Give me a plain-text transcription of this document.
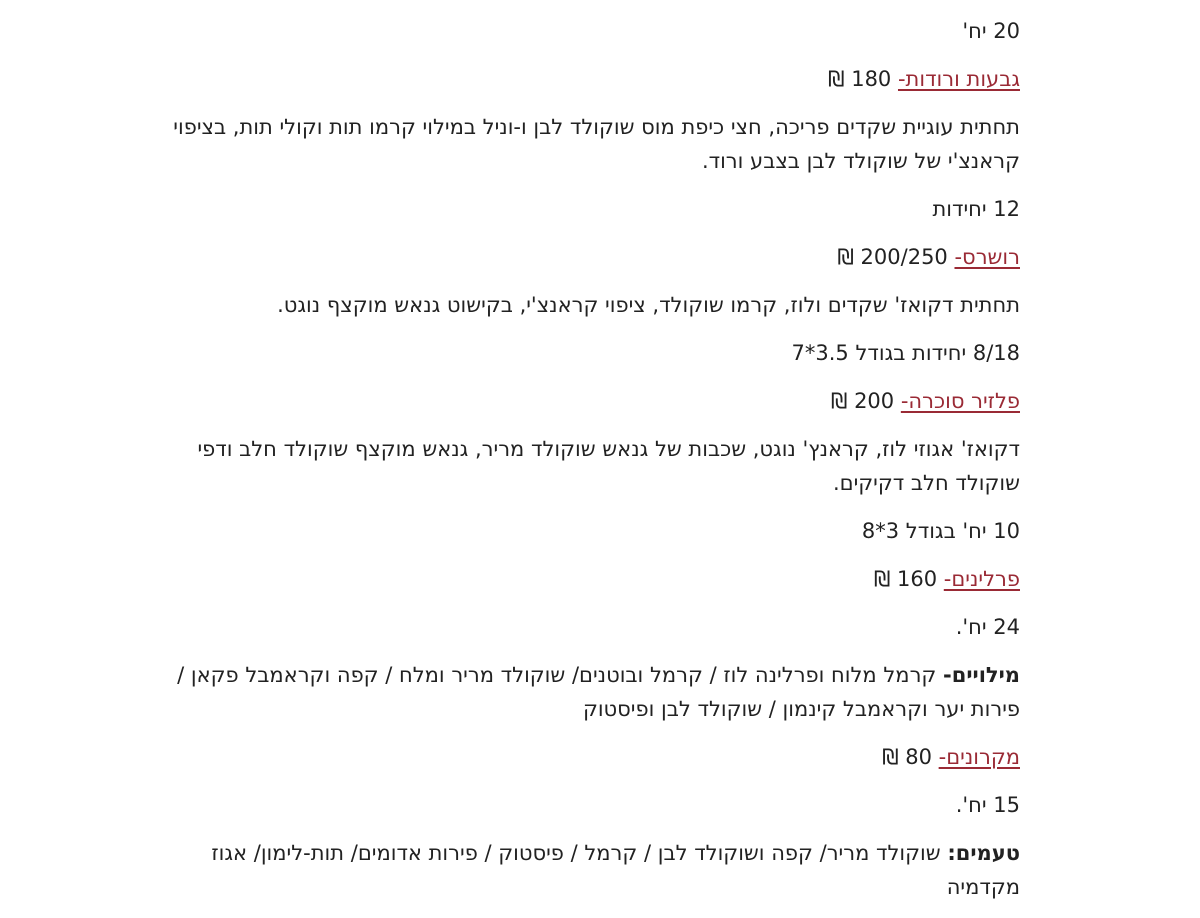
20 יח'

גבעות ורודות- 180 ₪

תחתית עוגיית שקדים פריכה, חצי כיפת מוס שוקולד לבן ו-וניל במילוי קרמו תות וקולי תות, בציפוי קראנצ'י של שוקולד לבן בצבע ורוד.

12 יחידות

רושרס- 200/250 ₪

תחתית דקואז' שקדים ולוז, קרמו שוקולד, ציפוי קראנצ'י, בקישוט גנאש מוקצף נוגט.

8/18 יחידות בגודל 3.5*7

פלזיר סוכרה- 200 ₪

דקואז' אגוזי לוז, קראנץ' נוגט, שכבות של גנאש שוקולד מריר, גנאש מוקצף שוקולד חלב ודפי שוקולד חלב דקיקים.

10 יח' בגודל 3*8

פרלינים- 160 ₪

24 יח'.

מילויים- קרמל מלוח ופרלינה לוז / קרמל ובוטנים/ שוקולד מריר ומלח / קפה וקראמבל פקאן / פירות יער וקראמבל קינמון / שוקולד לבן ופיסטוק

מקרונים- 80 ₪

15 יח'.

טעמים: שוקולד מריר/ קפה ושוקולד לבן / קרמל / פיסטוק / פירות אדומים/ תות-לימון/ אגוז מקדמיה
